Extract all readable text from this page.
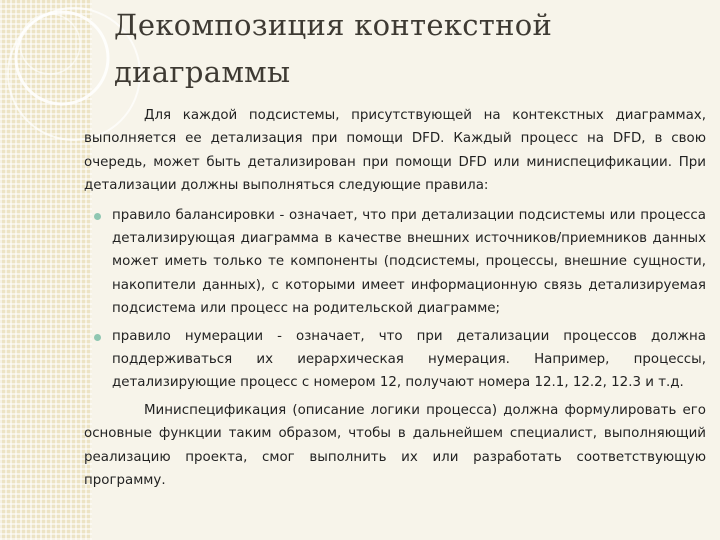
Декомпозиция контекстной
диаграммы

Для каждой подсистемы, присутствующей на контекстных диаграммах, выполняется ее детализация при помощи DFD. Каждый процесс на DFD, в свою очередь, может быть детализирован при помощи DFD или миниспецификации. При детализации должны выполняться следующие правила:

правило балансировки - означает, что при детализации подсистемы или процесса детализирующая диаграмма в качестве внешних источников/приемников данных может иметь только те компоненты (подсистемы, процессы, внешние сущности, накопители данных), с которыми имеет информационную связь детализируемая подсистема или процесс на родительской диаграмме;
правило нумерации - означает, что при детализации процессов должна поддерживаться их иерархическая нумерация. Например, процессы, детализирующие процесс с номером 12, получают номера 12.1, 12.2, 12.3 и т.д.

Миниспецификация (описание логики процесса) должна формулировать его основные функции таким образом, чтобы в дальнейшем специалист, выполняющий реализацию проекта, смог выполнить их или разработать соответствующую программу.
